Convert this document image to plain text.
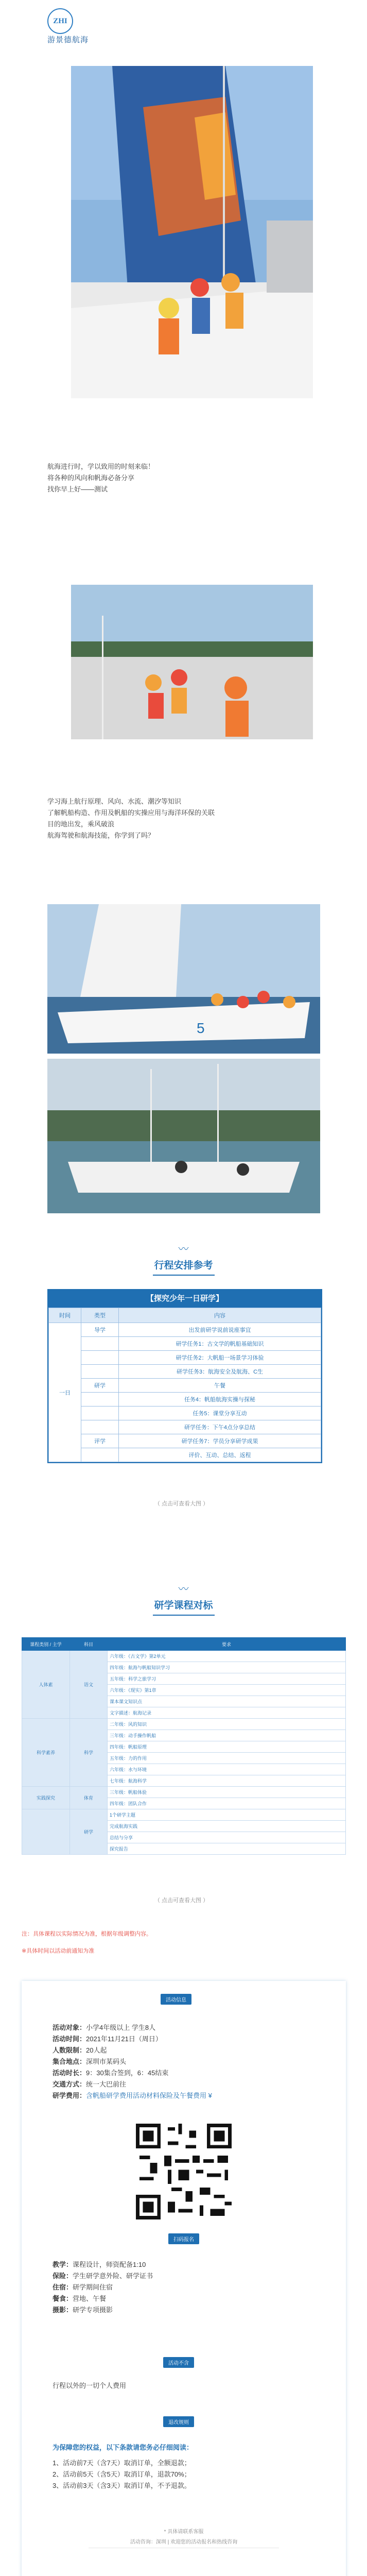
ZHI
游景德航海
航海进行时，学以致用的时刻来临！
将各种的风向和帆海必备分享
找你早上好——测试
学习海上航行原理、风向、水流、潮汐等知识
了解帆船构造、作用及帆船的实操应用与海洋环保的关联
目的地出发，乘风破浪
航海驾驶和航海技能，你学到了吗？
5
〰
行程安排参考
【探究少年一日研学】
时间	类型	内容
一日	导学	出发前研学说前说座事宜
		研学任务1：古文学的帆船基础知识
		研学任务2：大帆船一场景学习体验
		研学任务3：航海安全及航海、C生
	研学	午餐
		任务4：帆船航海实操与探秘
		任务5：课堂分享互动
		研学任务：下午4点分享总结
	评学	研学任务7：学员分享研学成果
		评价、互动、总结、返程
（ 点击可查看大图 ）
〰
研学课程对标
课程类别 / 主学	科目	要求
人体素	语文	六年级：《古文学》第2单元
		四年级：航海与帆船知识学习
		五年级：科学之旅学习
		六年级：《现实》第1章
		课本课文知识点
		文字描述：航海记录
科学素养	科学	二年级：风的知识
		三年级：动手操作帆船
		四年级：帆船原理
		五年级：力的作用
		六年级：水与环境
		七年级：航海科学
实践探究	体育	三年级：帆船体验
		四年级：团队合作
	研学	1个研学主题
		完成航海实践
		总结与分享
		探究报告
（ 点击可查看大图 ）
注：具体课程以实际情况为准，根据年级调整内容。
※具体时间以活动前通知为准
活动信息
活动对象：小学4年级以上 学生8人
活动时间：2021年11月21日（周日）
人数限制：20人起
集合地点：深圳市某码头
活动时长：9：30集合签到，6：45结束
交通方式：统一大巴前往
研学费用：含帆船研学费用活动材料保险及午餐费用 ¥
扫码报名
教学：课程设计，师资配备1:10
保险：学生研学意外险、研学证书
住宿：研学期间住宿
餐食：营地、午餐
摄影：研学专项摄影
活动不含
行程以外的一切个人费用
退改规则
为保障您的权益，以下条款请您务必仔细阅读：
1、活动前7天（含7天）取消订单，全额退款；
2、活动前5天（含5天）取消订单，退款70%；
3、活动前3天（含3天）取消订单，不予退款。
* 具体请联系客服
活动咨询：深圳 | 欢迎您的活动报名和热线咨询
